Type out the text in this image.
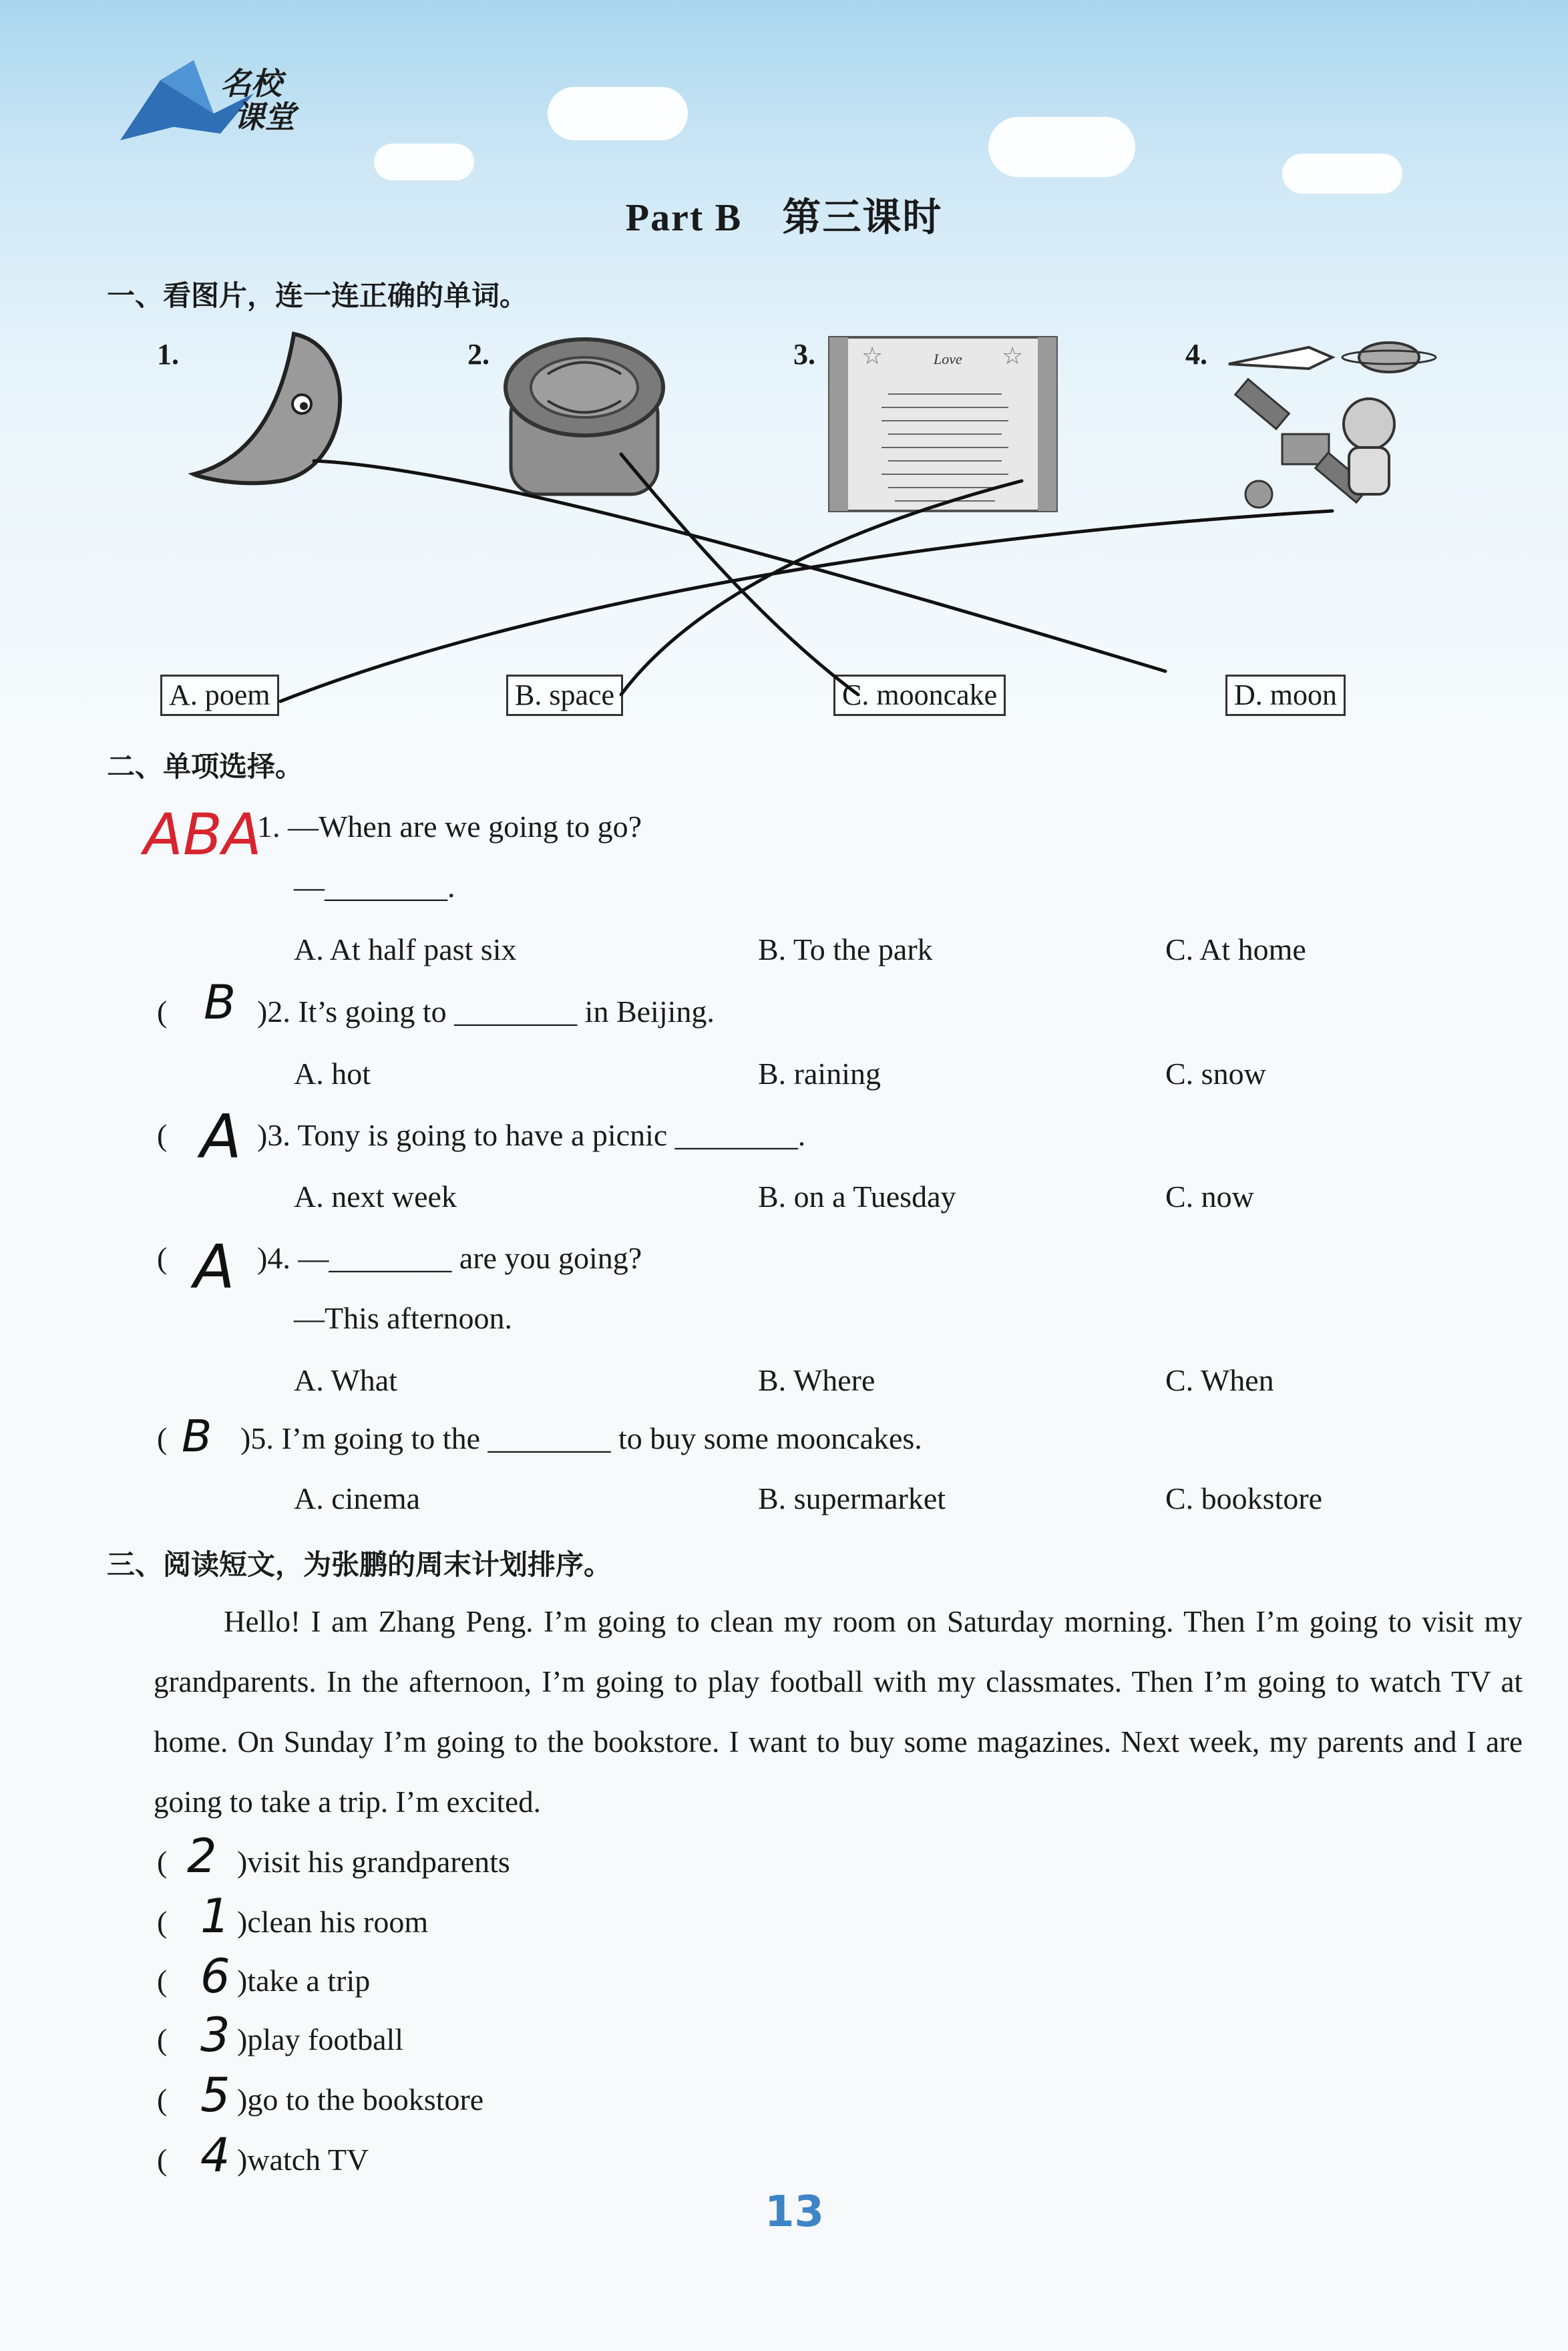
名校
课堂
Part B 第三课时
一、看图片，连一连正确的单词。
1.	2.	3.	4.
Love
☆	☆
A. poem	B. space	C. mooncake	D. moon
二、单项选择。
ABA
1. —When are we going to go?
—________.
A. At half past six	B. To the park	C. At home
( B )2. It’s going to ________ in Beijing.
A. hot	B. raining	C. snow
( A )3. Tony is going to have a picnic ________.
A. next week	B. on a Tuesday	C. now
( A )4. —________ are you going?
—This afternoon.
A. What	B. Where	C. When
( B )5. I’m going to the ________ to buy some mooncakes.
A. cinema	B. supermarket	C. bookstore
三、阅读短文，为张鹏的周末计划排序。

Hello! I am Zhang Peng. I’m going to clean my room on Saturday morning. Then I’m going to visit my grandparents. In the afternoon, I’m going to play football with my classmates. Then I’m going to watch TV at home. On Sunday I’m going to the bookstore. I want to buy some magazines. Next week, my parents and I are going to take a trip. I’m excited.

( 2 )visit his grandparents
( 1 )clean his room
( 6 )take a trip
( 3 )play football
( 5 )go to the bookstore
( 4 )watch TV
13
